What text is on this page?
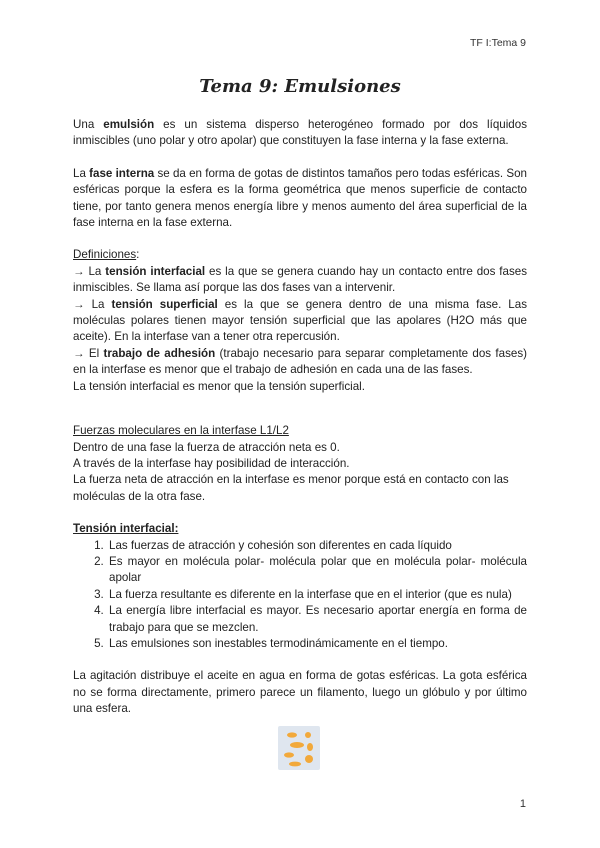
TF I:Tema 9
Tema 9: Emulsiones

Una emulsión es un sistema disperso heterogéneo formado por dos líquidos inmiscibles (uno polar y otro apolar) que constituyen la fase interna y la fase externa.

La fase interna se da en forma de gotas de distintos tamaños pero todas esféricas. Son esféricas porque la esfera es la forma geométrica que menos superficie de contacto tiene, por tanto genera menos energía libre y menos aumento del área superficial de la fase interna en la fase externa.

Definiciones:

→ La tensión interfacial es la que se genera cuando hay un contacto entre dos fases inmiscibles. Se llama así porque las dos fases van a intervenir.

→ La tensión superficial es la que se genera dentro de una misma fase. Las moléculas polares tienen mayor tensión superficial que las apolares (H2O más que aceite). En la interfase van a tener otra repercusión.

→ El trabajo de adhesión (trabajo necesario para separar completamente dos fases) en la interfase es menor que el trabajo de adhesión en cada una de las fases.

La tensión interfacial es menor que la tensión superficial.

Fuerzas moleculares en la interfase L1/L2

Dentro de una fase la fuerza de atracción neta es 0.

A través de la interfase hay posibilidad de interacción.

La fuerza neta de atracción en la interfase es menor porque está en contacto con las moléculas de la otra fase.

Tensión interfacial:

1. Las fuerzas de atracción y cohesión son diferentes en cada líquido
2. Es mayor en molécula polar- molécula polar que en molécula polar- molécula apolar
3. La fuerza resultante es diferente en la interfase que en el interior (que es nula)
4. La energía libre interfacial es mayor. Es necesario aportar energía en forma de trabajo para que se mezclen.
5. Las emulsiones son inestables termodinámicamente en el tiempo.

La agitación distribuye el aceite en agua en forma de gotas esféricas. La gota esférica no se forma directamente, primero parece un filamento, luego un glóbulo y por último una esfera.

1
